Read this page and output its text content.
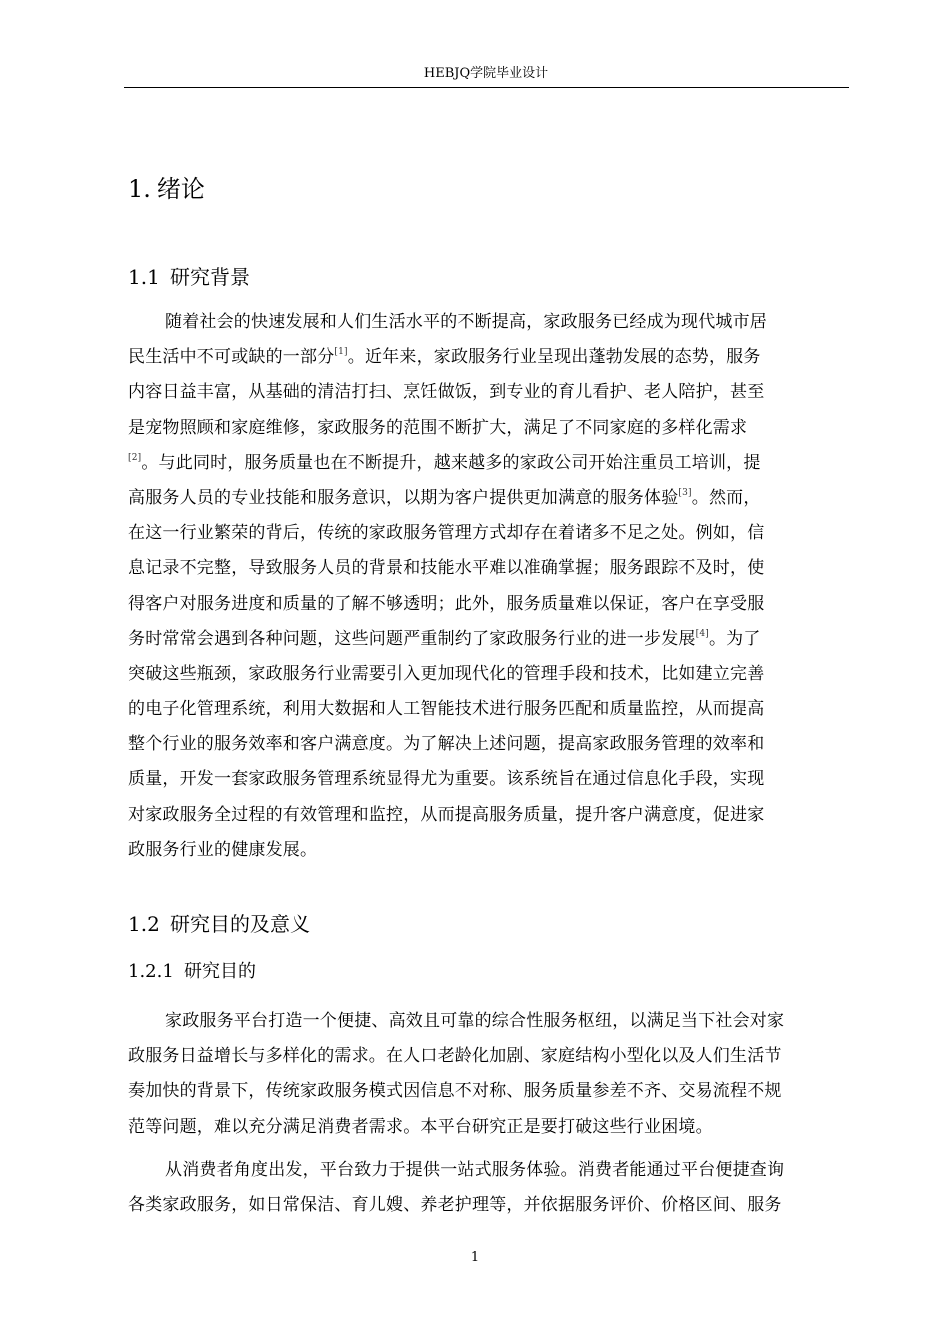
HEBJQ学院毕业设计
1. 绪论
1.1 研究背景
随着社会的快速发展和人们生活水平的不断提高，家政服务已经成为现代城市居
民生活中不可或缺的一部分[1]。近年来，家政服务行业呈现出蓬勃发展的态势，服务
内容日益丰富，从基础的清洁打扫、烹饪做饭，到专业的育儿看护、老人陪护，甚至
是宠物照顾和家庭维修，家政服务的范围不断扩大，满足了不同家庭的多样化需求
[2]。与此同时，服务质量也在不断提升，越来越多的家政公司开始注重员工培训，提
高服务人员的专业技能和服务意识，以期为客户提供更加满意的服务体验[3]。然而，
在这一行业繁荣的背后，传统的家政服务管理方式却存在着诸多不足之处。例如，信
息记录不完整，导致服务人员的背景和技能水平难以准确掌握；服务跟踪不及时，使
得客户对服务进度和质量的了解不够透明；此外，服务质量难以保证，客户在享受服
务时常常会遇到各种问题，这些问题严重制约了家政服务行业的进一步发展[4]。为了
突破这些瓶颈，家政服务行业需要引入更加现代化的管理手段和技术，比如建立完善
的电子化管理系统，利用大数据和人工智能技术进行服务匹配和质量监控，从而提高
整个行业的服务效率和客户满意度。为了解决上述问题，提高家政服务管理的效率和
质量，开发一套家政服务管理系统显得尤为重要。该系统旨在通过信息化手段，实现
对家政服务全过程的有效管理和监控，从而提高服务质量，提升客户满意度，促进家
政服务行业的健康发展。
1.2 研究目的及意义
1.2.1 研究目的
家政服务平台打造一个便捷、高效且可靠的综合性服务枢纽，以满足当下社会对家
政服务日益增长与多样化的需求。在人口老龄化加剧、家庭结构小型化以及人们生活节
奏加快的背景下，传统家政服务模式因信息不对称、服务质量参差不齐、交易流程不规
范等问题，难以充分满足消费者需求。本平台研究正是要打破这些行业困境。
从消费者角度出发，平台致力于提供一站式服务体验。消费者能通过平台便捷查询
各类家政服务，如日常保洁、育儿嫂、养老护理等，并依据服务评价、价格区间、服务
1
